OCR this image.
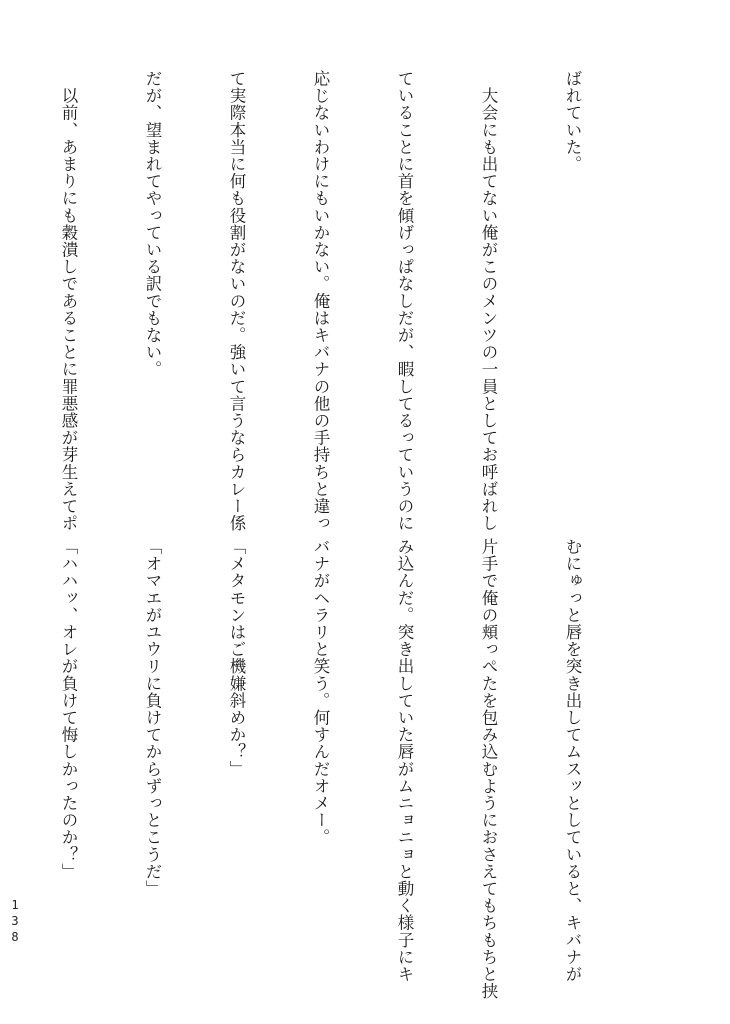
ばれていた。

　大会にも出てない俺がこのメンツの一員としてお呼ばれし

ていることに首を傾げっぱなしだが、暇してるっていうのに

応じないわけにもいかない。俺はキバナの他の手持ちと違っ

て実際本当に何も役割がないのだ。強いて言うならカレー係

だが、望まれてやっている訳でもない。

　以前、あまりにも穀潰しであることに罪悪感が芽生えてポ

むにゅっと唇を突き出してムスッとしていると、キバナが

片手で俺の頬っぺたを包み込むようにおさえてもちもちと挟

み込んだ。突き出していた唇がムニョニョと動く様子にキ

バナがヘラリと笑う。何すんだオメー。

「メタモンはご機嫌斜めか？」

「オマエがユウリに負けてからずっとこうだ」

「ハハッ、オレが負けて悔しかったのか？」

138
